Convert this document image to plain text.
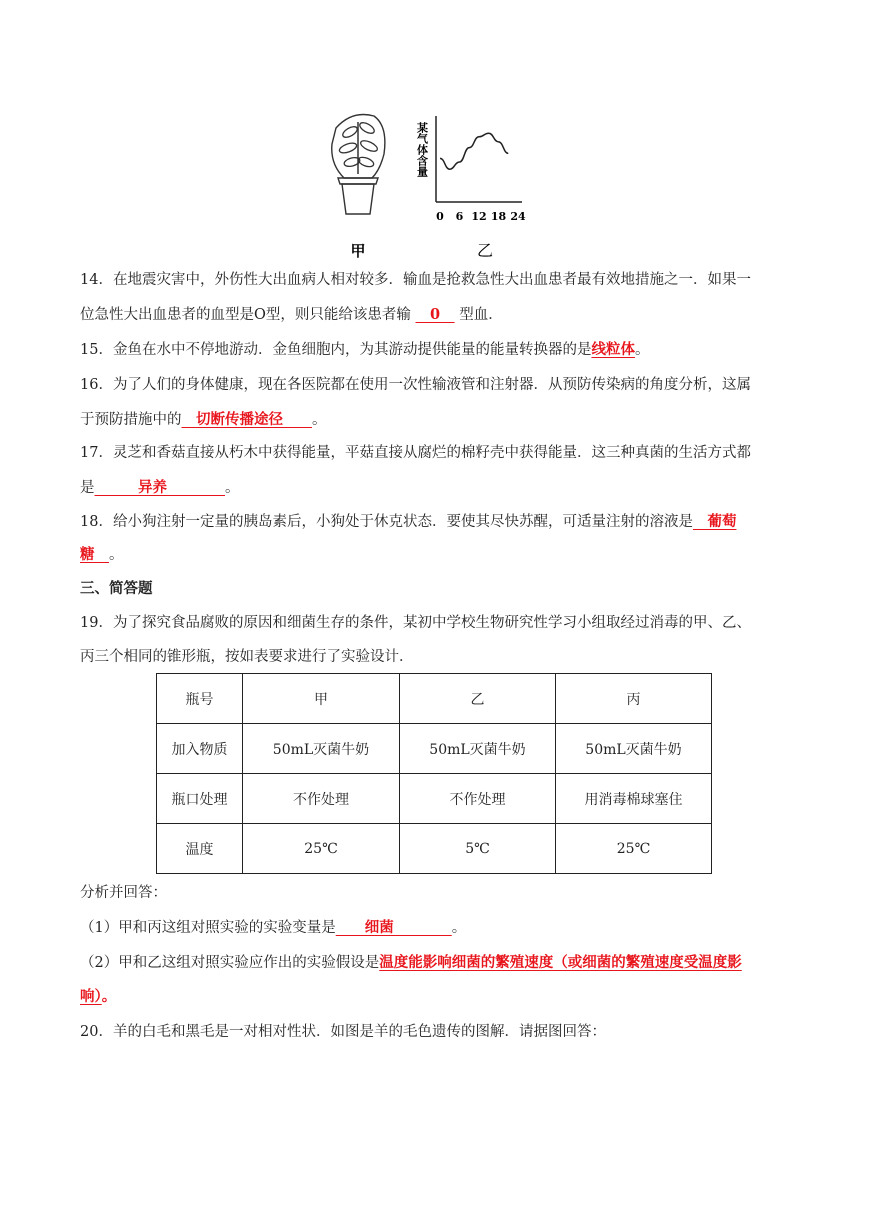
甲
某气体含量
0 6 12 18 24
乙
14．在地震灾害中，外伤性大出血病人相对较多．输血是抢救急性大出血患者最有效地措施之一．如果一
位急性大出血患者的血型是O型，则只能给该患者输 　0　 型血．
15．金鱼在水中不停地游动．金鱼细胞内，为其游动提供能量的能量转换器的是线粒体。
16．为了人们的身体健康，现在各医院都在使用一次性输液管和注射器．从预防传染病的角度分析，这属
于预防措施中的　切断传播途径　　。
17．灵芝和香菇直接从朽木中获得能量，平菇直接从腐烂的棉籽壳中获得能量．这三种真菌的生活方式都
是　　　异养　　　　。
18．给小狗注射一定量的胰岛素后，小狗处于休克状态．要使其尽快苏醒，可适量注射的溶液是　葡萄
糖　。
三、简答题
19．为了探究食品腐败的原因和细菌生存的条件，某初中学校生物研究性学习小组取经过消毒的甲、乙、
丙三个相同的锥形瓶，按如表要求进行了实验设计．
瓶号	甲	乙	丙
加入物质	50mL灭菌牛奶	50mL灭菌牛奶	50mL灭菌牛奶
瓶口处理	不作处理	不作处理	用消毒棉球塞住
温度	25℃	5℃	25℃
分析并回答：
（1）甲和丙这组对照实验的实验变量是　　细菌　　　　。
（2）甲和乙这组对照实验应作出的实验假设是温度能影响细菌的繁殖速度（或细菌的繁殖速度受温度影
响）。
20．羊的白毛和黑毛是一对相对性状．如图是羊的毛色遗传的图解．请据图回答：
